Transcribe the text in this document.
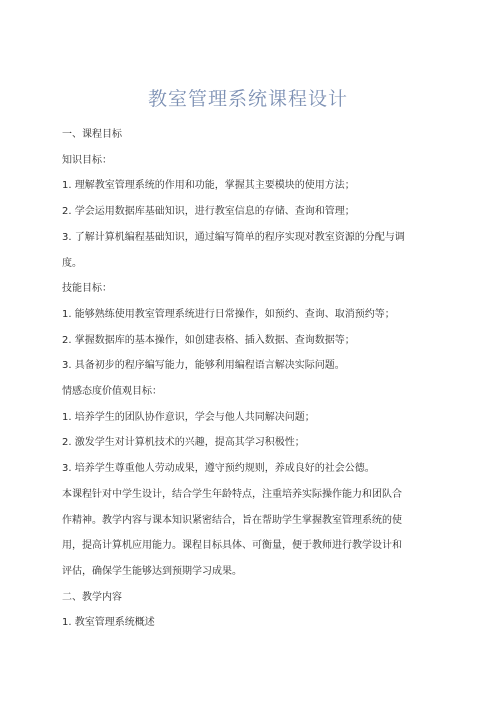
教室管理系统课程设计

一、课程目标

知识目标：

1. 理解教室管理系统的作用和功能，掌握其主要模块的使用方法；

2. 学会运用数据库基础知识，进行教室信息的存储、查询和管理；

3. 了解计算机编程基础知识，通过编写简单的程序实现对教室资源的分配与调

度。

技能目标：

1. 能够熟练使用教室管理系统进行日常操作，如预约、查询、取消预约等；

2. 掌握数据库的基本操作，如创建表格、插入数据、查询数据等；

3. 具备初步的程序编写能力，能够利用编程语言解决实际问题。

情感态度价值观目标：

1. 培养学生的团队协作意识，学会与他人共同解决问题；

2. 激发学生对计算机技术的兴趣，提高其学习积极性；

3. 培养学生尊重他人劳动成果，遵守预约规则，养成良好的社会公德。

本课程针对中学生设计，结合学生年龄特点，注重培养实际操作能力和团队合

作精神。教学内容与课本知识紧密结合，旨在帮助学生掌握教室管理系统的使

用，提高计算机应用能力。课程目标具体、可衡量，便于教师进行教学设计和

评估，确保学生能够达到预期学习成果。

二、教学内容

1. 教室管理系统概述
